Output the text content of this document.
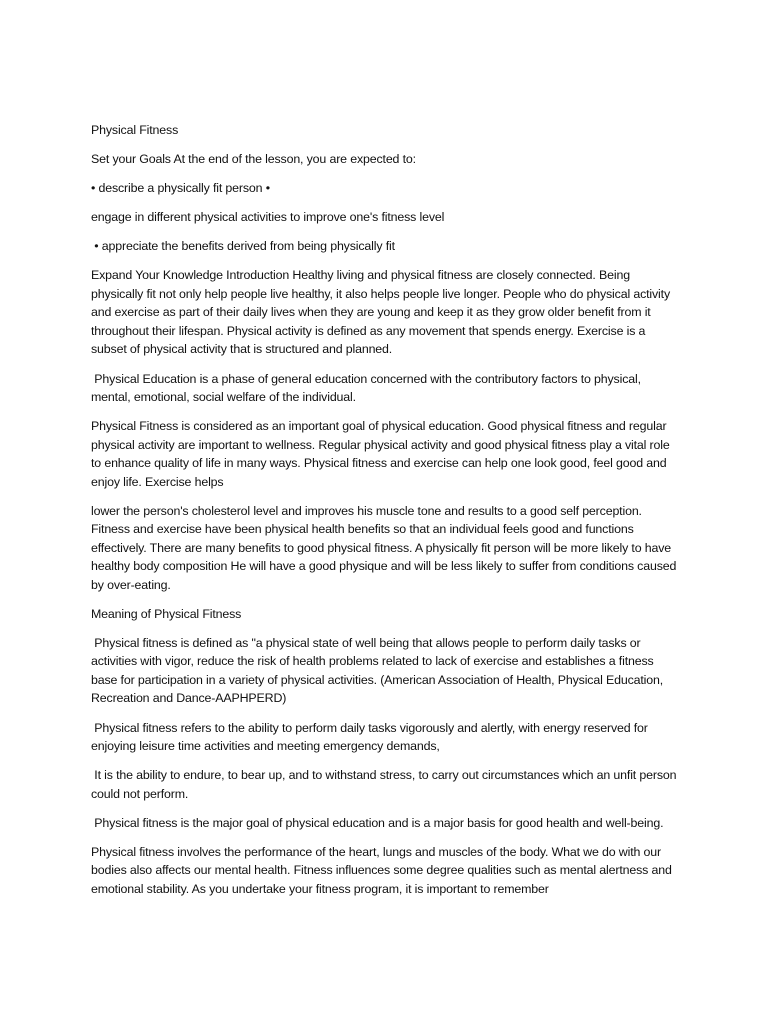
Physical Fitness

Set your Goals At the end of the lesson, you are expected to:

• describe a physically fit person •

engage in different physical activities to improve one's fitness level

• appreciate the benefits derived from being physically fit

Expand Your Knowledge Introduction Healthy living and physical fitness are closely connected. Being physically fit not only help people live healthy, it also helps people live longer. People who do physical activity and exercise as part of their daily lives when they are young and keep it as they grow older benefit from it throughout their lifespan. Physical activity is defined as any movement that spends energy. Exercise is a subset of physical activity that is structured and planned.

Physical Education is a phase of general education concerned with the contributory factors to physical, mental, emotional, social welfare of the individual.

Physical Fitness is considered as an important goal of physical education. Good physical fitness and regular physical activity are important to wellness. Regular physical activity and good physical fitness play a vital role to enhance quality of life in many ways. Physical fitness and exercise can help one look good, feel good and enjoy life. Exercise helps

lower the person's cholesterol level and improves his muscle tone and results to a good self perception. Fitness and exercise have been physical health benefits so that an individual feels good and functions effectively. There are many benefits to good physical fitness. A physically fit person will be more likely to have healthy body composition He will have a good physique and will be less likely to suffer from conditions caused by over-eating.

Meaning of Physical Fitness

Physical fitness is defined as "a physical state of well being that allows people to perform daily tasks or activities with vigor, reduce the risk of health problems related to lack of exercise and establishes a fitness base for participation in a variety of physical activities. (American Association of Health, Physical Education, Recreation and Dance-AAPHPERD)

Physical fitness refers to the ability to perform daily tasks vigorously and alertly, with energy reserved for enjoying leisure time activities and meeting emergency demands,

It is the ability to endure, to bear up, and to withstand stress, to carry out circumstances which an unfit person could not perform.

Physical fitness is the major goal of physical education and is a major basis for good health and well-being.

Physical fitness involves the performance of the heart, lungs and muscles of the body. What we do with our bodies also affects our mental health. Fitness influences some degree qualities such as mental alertness and emotional stability. As you undertake your fitness program, it is important to remember
